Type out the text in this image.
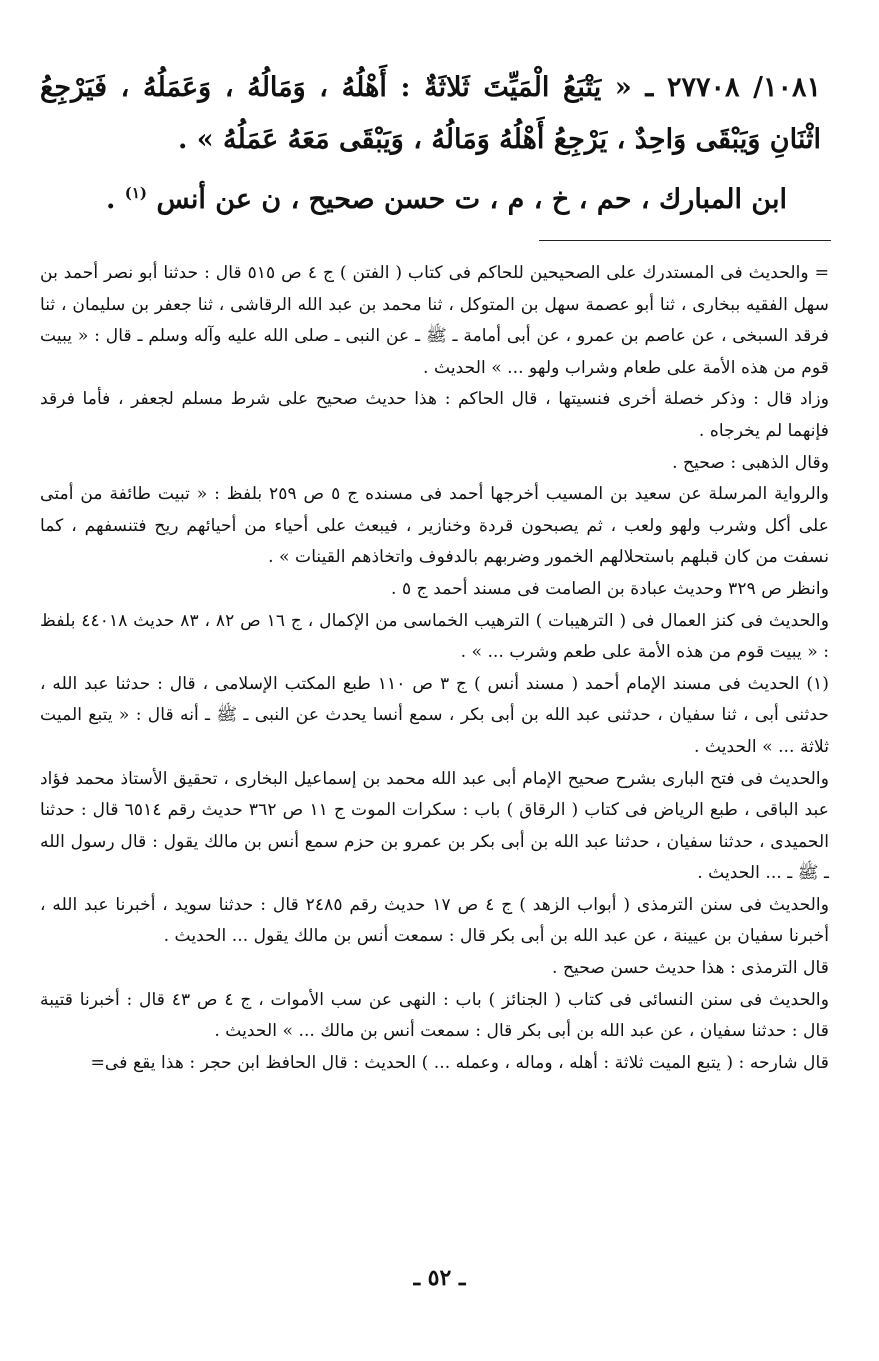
١٠٨١/ ٢٧٧٠٨ ـ « يَتْبَعُ الْمَيِّتَ ثَلاثَةٌ : أَهْلُهُ ، وَمَالُهُ ، وَعَمَلُهُ ، فَيَرْجِعُ اثْنَانِ وَيَبْقَى وَاحِدٌ ، يَرْجِعُ أَهْلُهُ وَمَالُهُ ، وَيَبْقَى مَعَهُ عَمَلُهُ » .

ابن المبارك ، حم ، خ ، م ، ت حسن صحيح ، ن عن أنس $^{(١)}$ .

= والحديث فى المستدرك على الصحيحين للحاكم فى كتاب ( الفتن ) ج ٤ ص ٥١٥ قال : حدثنا أبو نصر أحمد بن سهل الفقيه ببخارى ، ثنا أبو عصمة سهل بن المتوكل ، ثنا محمد بن عبد الله الرقاشى ، ثنا جعفر بن سليمان ، ثنا فرقد السبخى ، عن عاصم بن عمرو ، عن أبى أمامة ـ ﷺ ـ عن النبى ـ صلى الله عليه وآله وسلم ـ قال : « يبيت قوم من هذه الأمة على طعام وشراب ولهو ... » الحديث .

وزاد قال : وذكر خصلة أخرى فنسيتها ، قال الحاكم : هذا حديث صحيح على شرط مسلم لجعفر ، فأما فرقد فإنهما لم يخرجاه .

وقال الذهبى : صحيح .

والرواية المرسلة عن سعيد بن المسيب أخرجها أحمد فى مسنده ج ٥ ص ٢٥٩ بلفظ : « تبيت طائفة من أمتى على أكل وشرب ولهو ولعب ، ثم يصبحون قردة وخنازير ، فيبعث على أحياء من أحيائهم ريح فتنسفهم ، كما نسفت من كان قبلهم باستحلالهم الخمور وضربهم بالدفوف واتخاذهم القينات » .

وانظر ص ٣٢٩ وحديث عبادة بن الصامت فى مسند أحمد ج ٥ .

والحديث فى كنز العمال فى ( الترهيبات ) الترهيب الخماسى من الإكمال ، ج ١٦ ص ٨٢ ، ٨٣ حديث ٤٤٠١٨ بلفظ : « يبيت قوم من هذه الأمة على طعم وشرب ... » .

(١) الحديث فى مسند الإمام أحمد ( مسند أنس ) ج ٣ ص ١١٠ طبع المكتب الإسلامى ، قال : حدثنا عبد الله ، حدثنى أبى ، ثنا سفيان ، حدثنى عبد الله بن أبى بكر ، سمع أنسا يحدث عن النبى ـ ﷺ ـ أنه قال : « يتبع الميت ثلاثة ... » الحديث .

والحديث فى فتح البارى بشرح صحيح الإمام أبى عبد الله محمد بن إسماعيل البخارى ، تحقيق الأستاذ محمد فؤاد عبد الباقى ، طبع الرياض فى كتاب ( الرقاق ) باب : سكرات الموت ج ١١ ص ٣٦٢ حديث رقم ٦٥١٤ قال : حدثنا الحميدى ، حدثنا سفيان ، حدثنا عبد الله بن أبى بكر بن عمرو بن حزم سمع أنس بن مالك يقول : قال رسول الله ـ ﷺ ـ ... الحديث .

والحديث فى سنن الترمذى ( أبواب الزهد ) ج ٤ ص ١٧ حديث رقم ٢٤٨٥ قال : حدثنا سويد ، أخبرنا عبد الله ، أخبرنا سفيان بن عيينة ، عن عبد الله بن أبى بكر قال : سمعت أنس بن مالك يقول ... الحديث .

قال الترمذى : هذا حديث حسن صحيح .

والحديث فى سنن النسائى فى كتاب ( الجنائز ) باب : النهى عن سب الأموات ، ج ٤ ص ٤٣ قال : أخبرنا قتيبة قال : حدثنا سفيان ، عن عبد الله بن أبى بكر قال : سمعت أنس بن مالك ... » الحديث .

قال شارحه : ( يتبع الميت ثلاثة : أهله ، وماله ، وعمله ... ) الحديث : قال الحافظ ابن حجر : هذا يقع فى=

ـ ٥٢ ـ
